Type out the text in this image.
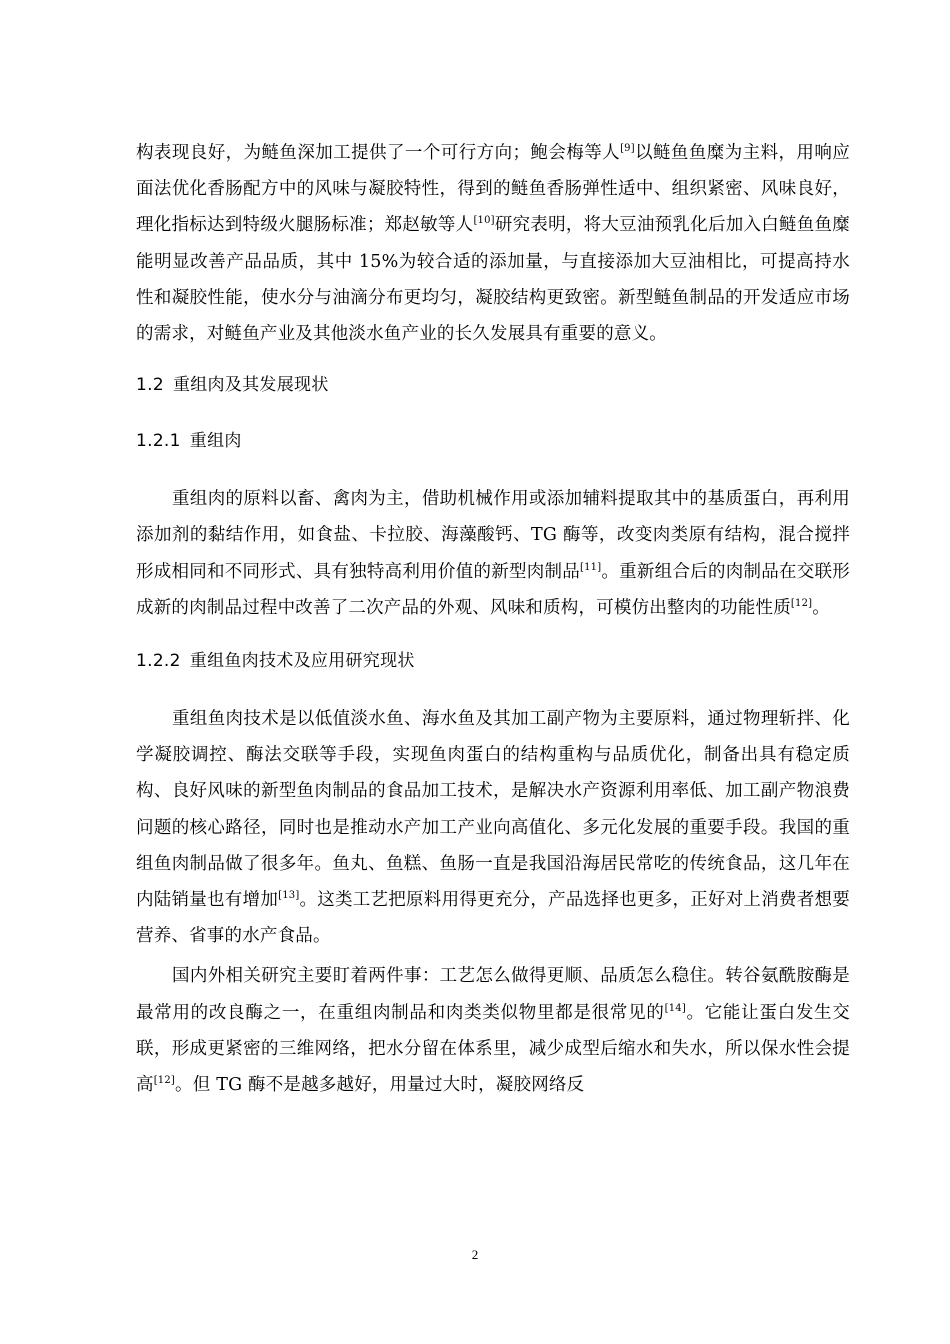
构表现良好，为鲢鱼深加工提供了一个可行方向；鲍会梅等人[9]以鲢鱼鱼糜为主料，用响应面法优化香肠配方中的风味与凝胶特性，得到的鲢鱼香肠弹性适中、组织紧密、风味良好，理化指标达到特级火腿肠标准；郑赵敏等人[10]研究表明，将大豆油预乳化后加入白鲢鱼鱼糜能明显改善产品品质，其中 15%为较合适的添加量，与直接添加大豆油相比，可提高持水性和凝胶性能，使水分与油滴分布更均匀，凝胶结构更致密。新型鲢鱼制品的开发适应市场的需求，对鲢鱼产业及其他淡水鱼产业的长久发展具有重要的意义。

1.2 重组肉及其发展现状
1.2.1 重组肉

重组肉的原料以畜、禽肉为主，借助机械作用或添加辅料提取其中的基质蛋白，再利用添加剂的黏结作用，如食盐、卡拉胶、海藻酸钙、TG 酶等，改变肉类原有结构，混合搅拌形成相同和不同形式、具有独特高利用价值的新型肉制品[11]。重新组合后的肉制品在交联形成新的肉制品过程中改善了二次产品的外观、风味和质构，可模仿出整肉的功能性质[12]。

1.2.2 重组鱼肉技术及应用研究现状

重组鱼肉技术是以低值淡水鱼、海水鱼及其加工副产物为主要原料，通过物理斩拌、化学凝胶调控、酶法交联等手段，实现鱼肉蛋白的结构重构与品质优化，制备出具有稳定质构、良好风味的新型鱼肉制品的食品加工技术，是解决水产资源利用率低、加工副产物浪费问题的核心路径，同时也是推动水产加工产业向高值化、多元化发展的重要手段。我国的重组鱼肉制品做了很多年。鱼丸、鱼糕、鱼肠一直是我国沿海居民常吃的传统食品，这几年在内陆销量也有增加[13]。这类工艺把原料用得更充分，产品选择也更多，正好对上消费者想要营养、省事的水产食品。

国内外相关研究主要盯着两件事：工艺怎么做得更顺、品质怎么稳住。转谷氨酰胺酶是最常用的改良酶之一，在重组肉制品和肉类类似物里都是很常见的[14]。它能让蛋白发生交联，形成更紧密的三维网络，把水分留在体系里，减少成型后缩水和失水，所以保水性会提高[12]。但 TG 酶不是越多越好，用量过大时，凝胶网络反

2
